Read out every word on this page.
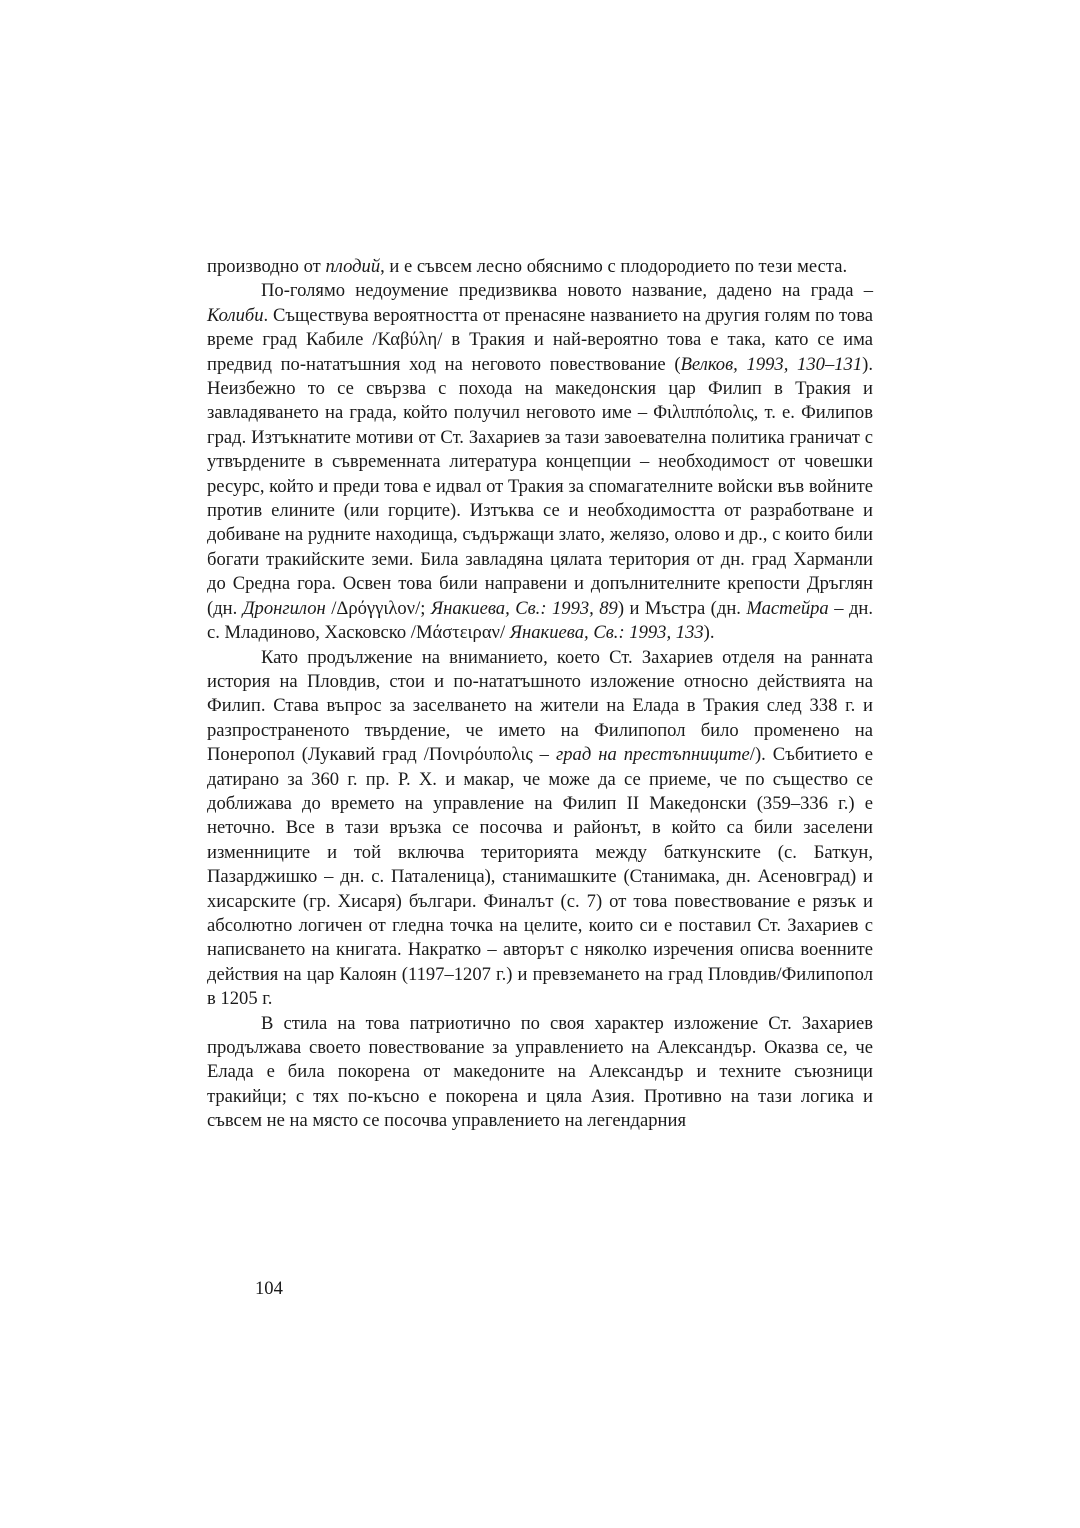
производно от плодий, и е съвсем лесно обяснимо с плодородието по тези места.

По-голямо недоумение предизвиква новото название, дадено на града – Колиби. Съществува вероятността от пренасяне названието на другия голям по това време град Кабиле /Καβύλη/ в Тракия и най-вероятно това е така, като се има предвид по-нататъшния ход на неговото повествование (Велков, 1993, 130–131). Неизбежно то се свързва с похода на македонския цар Филип в Тракия и завладяването на града, който получил неговото име – Φιλιππόπολις, т. е. Филипов град. Изтъкнатите мотиви от Ст. Захариев за тази завоевателна политика граничат с утвърдените в съвременната литература концепции – необходимост от човешки ресурс, който и преди това е идвал от Тракия за спомагателните войски във войните против елините (или горците). Изтъква се и необходимостта от разработване и добиване на рудните находища, съдържащи злато, желязо, олово и др., с които били богати тракийските земи. Била завладяна цялата територия от дн. град Харманли до Средна гора. Освен това били направени и допълнителните крепости Дръглян (дн. Дронгилон /Δρόγγιλον/; Янакиева, Св.: 1993, 89) и Мъстра (дн. Мастейра – дн. с. Младиново, Хасковско /Μάστειραν/ Янакиева, Св.: 1993, 133).

Като продължение на вниманието, което Ст. Захариев отделя на ранната история на Пловдив, стои и по-нататъшното изложение относно действията на Филип. Става въпрос за заселването на жители на Елада в Тракия след 338 г. и разпространеното твърдение, че името на Филипопол било променено на Понеропол (Лукавий град /Πονιρόυπολις – град на престъпниците/). Събитието е датирано за 360 г. пр. Р. Х. и макар, че може да се приеме, че по същество се доближава до времето на управление на Филип II Македонски (359–336 г.) е неточно. Все в тази връзка се посочва и районът, в който са били заселени изменниците и той включва територията между баткунските (с. Баткун, Пазарджишко – дн. с. Паталеница), станимашките (Станимака, дн. Асеновград) и хисарските (гр. Хисаря) българи. Финалът (с. 7) от това повествование е рязък и абсолютно логичен от гледна точка на целите, които си е поставил Ст. Захариев с написването на книгата. Накратко – авторът с няколко изречения описва военните действия на цар Калоян (1197–1207 г.) и превземането на град Пловдив/Филипопол в 1205 г.

В стила на това патриотично по своя характер изложение Ст. Захариев продължава своето повествование за управлението на Александър. Оказва се, че Елада е била покорена от македоните на Александър и техните съюзници тракийци; с тях по-късно е покорена и цяла Азия. Противно на тази логика и съвсем не на място се посочва управлението на легендарния

104
